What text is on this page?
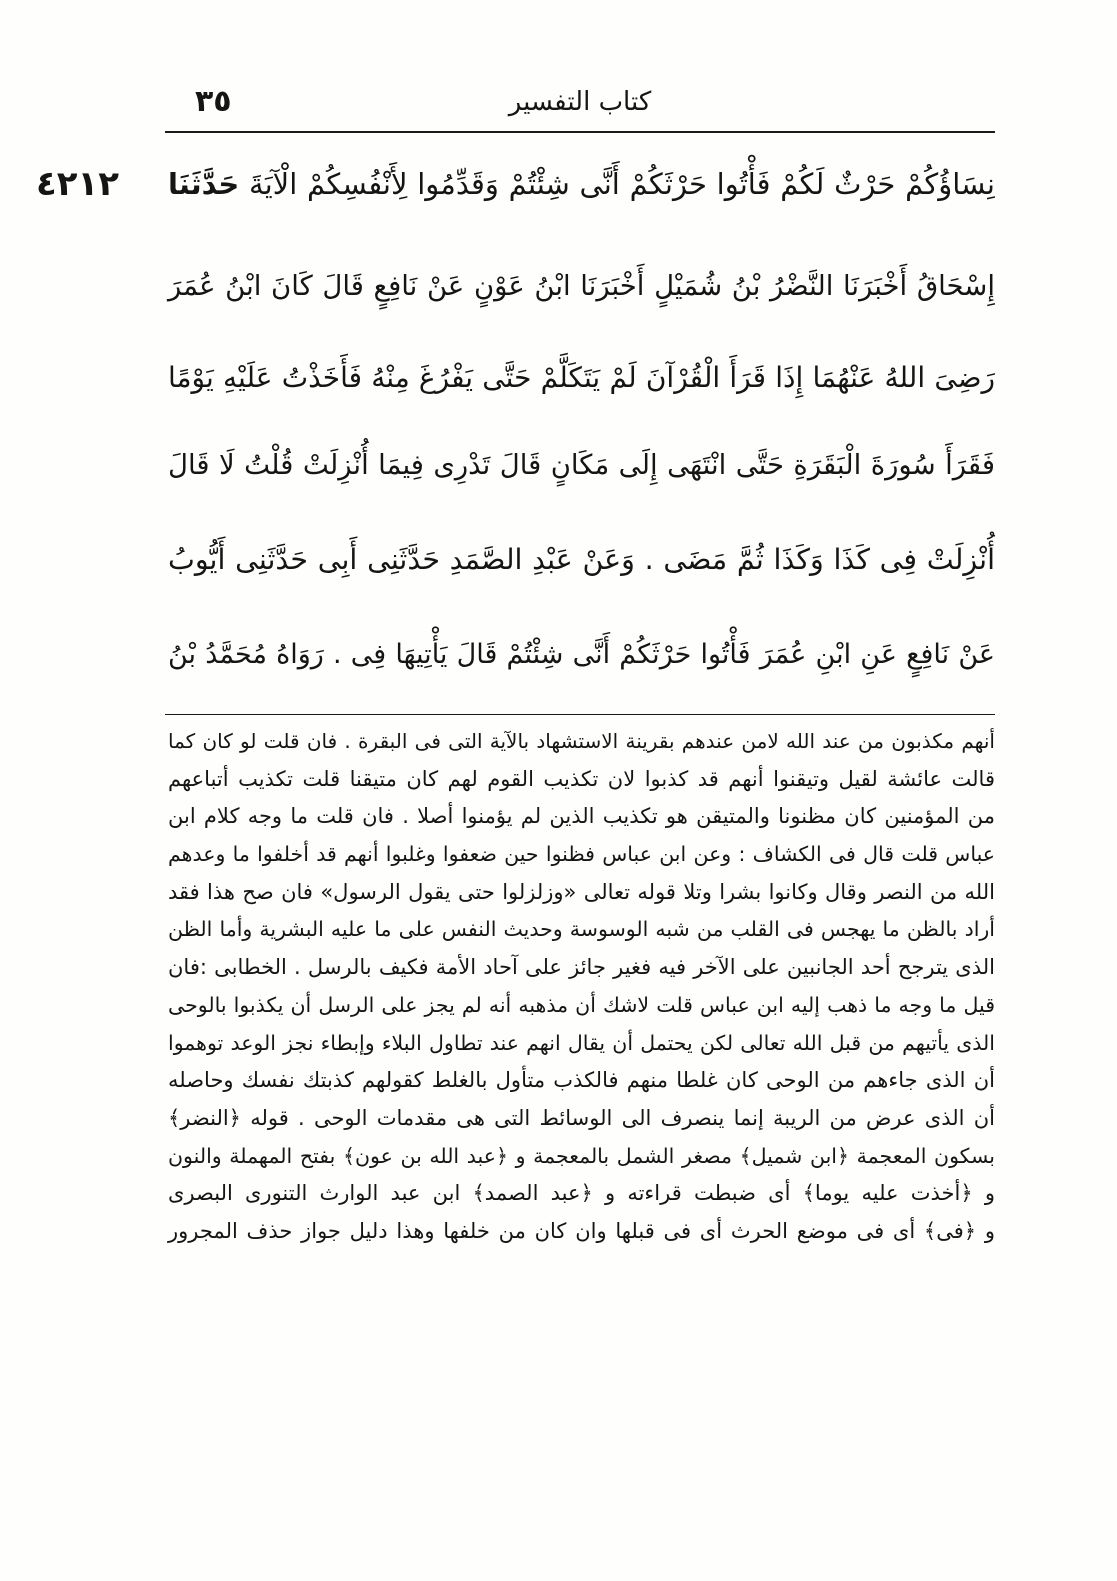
كتاب التفسير
٣٥
٤٢١٢	نِسَاؤُكُمْ حَرْثٌ لَكُمْ فَأْتُوا حَرْثَكُمْ أَنَّى شِئْتُمْ وَقَدِّمُوا لِأَنْفُسِكُمْ الْآيَةَ حَدَّثَنَا
إِسْحَاقُ أَخْبَرَنَا النَّضْرُ بْنُ شُمَيْلٍ أَخْبَرَنَا ابْنُ عَوْنٍ عَنْ نَافِعٍ قَالَ كَانَ ابْنُ عُمَرَ
رَضِىَ اللهُ عَنْهُمَا إِذَا قَرَأَ الْقُرْآنَ لَمْ يَتَكَلَّمْ حَتَّى يَفْرُغَ مِنْهُ فَأَخَذْتُ عَلَيْهِ يَوْمًا
فَقَرَأَ سُورَةَ الْبَقَرَةِ حَتَّى انْتَهَى إِلَى مَكَانٍ قَالَ تَدْرِى فِيمَا أُنْزِلَتْ قُلْتُ لَا قَالَ
أُنْزِلَتْ فِى كَذَا وَكَذَا ثُمَّ مَضَى . وَعَنْ عَبْدِ الصَّمَدِ حَدَّثَنِى أَبِى حَدَّثَنِى أَيُّوبُ
عَنْ نَافِعٍ عَنِ ابْنِ عُمَرَ فَأْتُوا حَرْثَكُمْ أَنَّى شِئْتُمْ قَالَ يَأْتِيهَا فِى . رَوَاهُ مُحَمَّدُ بْنُ
أنهم مكذبون من عند الله لامن عندهم بقرينة الاستشهاد بالآية التى فى البقرة . فان قلت لو كان كما
قالت عائشة لقيل وتيقنوا أنهم قد كذبوا لان تكذيب القوم لهم كان متيقنا قلت تكذيب أتباعهم
من المؤمنين كان مظنونا والمتيقن هو تكذيب الذين لم يؤمنوا أصلا . فان قلت ما وجه كلام ابن
عباس قلت قال فى الكشاف : وعن ابن عباس فظنوا حين ضعفوا وغلبوا أنهم قد أخلفوا ما وعدهم
الله من النصر وقال وكانوا بشرا وتلا قوله تعالى «وزلزلوا حتى يقول الرسول» فان صح هذا فقد
أراد بالظن ما يهجس فى القلب من شبه الوسوسة وحديث النفس على ما عليه البشرية وأما الظن
الذى يترجح أحد الجانبين على الآخر فيه فغير جائز على آحاد الأمة فكيف بالرسل . الخطابى :فان
قيل ما وجه ما ذهب إليه ابن عباس قلت لاشك أن مذهبه أنه لم يجز على الرسل أن يكذبوا بالوحى
الذى يأتيهم من قبل الله تعالى لكن يحتمل أن يقال انهم عند تطاول البلاء وإبطاء نجز الوعد توهموا
أن الذى جاءهم من الوحى كان غلطا منهم فالكذب متأول بالغلط كقولهم كذبتك نفسك وحاصله
أن الذى عرض من الريبة إنما ينصرف الى الوسائط التى هى مقدمات الوحى . قوله ﴿النضر﴾
بسكون المعجمة ﴿ابن شميل﴾ مصغر الشمل بالمعجمة و ﴿عبد الله بن عون﴾ بفتح المهملة والنون
و ﴿أخذت عليه يوما﴾ أى ضبطت قراءته و ﴿عبد الصمد﴾ ابن عبد الوارث التنورى البصرى
و ﴿فى﴾ أى فى موضع الحرث أى فى قبلها وان كان من خلفها وهذا دليل جواز حذف المجرور
